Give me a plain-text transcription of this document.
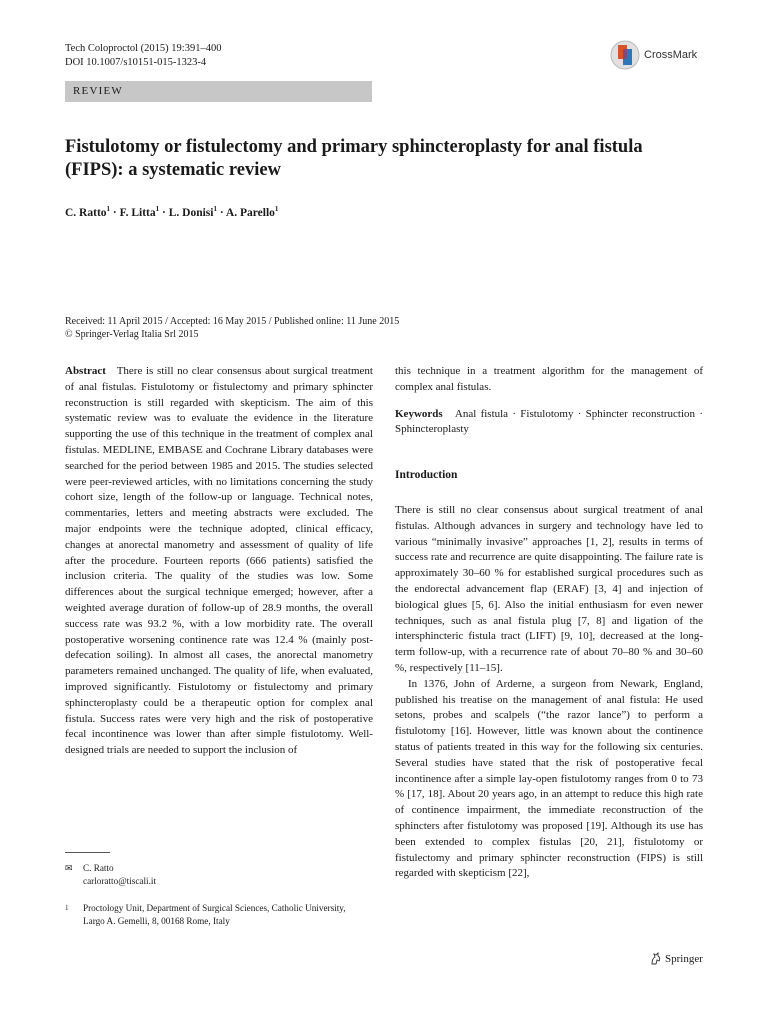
Tech Coloproctol (2015) 19:391–400
DOI 10.1007/s10151-015-1323-4
CrossMark
REVIEW
Fistulotomy or fistulectomy and primary sphincteroplasty for anal fistula (FIPS): a systematic review
C. Ratto$^1$ · F. Litta$^1$ · L. Donisi$^1$ · A. Parello$^1$
Received: 11 April 2015 / Accepted: 16 May 2015 / Published online: 11 June 2015
© Springer-Verlag Italia Srl 2015

Abstract There is still no clear consensus about surgical treatment of anal fistulas. Fistulotomy or fistulectomy and primary sphincter reconstruction is still regarded with skepticism. The aim of this systematic review was to evaluate the evidence in the literature supporting the use of this technique in the treatment of complex anal fistulas. MEDLINE, EMBASE and Cochrane Library databases were searched for the period between 1985 and 2015. The studies selected were peer-reviewed articles, with no limitations concerning the study cohort size, length of the follow-up or language. Technical notes, commentaries, letters and meeting abstracts were excluded. The major endpoints were the technique adopted, clinical efficacy, changes at anorectal manometry and assessment of quality of life after the procedure. Fourteen reports (666 patients) satisfied the inclusion criteria. The quality of the studies was low. Some differences about the surgical technique emerged; however, after a weighted average duration of follow-up of 28.9 months, the overall success rate was 93.2 %, with a low morbidity rate. The overall postoperative worsening continence rate was 12.4 % (mainly post-defecation soiling). In almost all cases, the anorectal manometry parameters remained unchanged. The quality of life, when evaluated, improved significantly. Fistulotomy or fistulectomy and primary sphincteroplasty could be a therapeutic option for complex anal fistula. Success rates were very high and the risk of postoperative fecal incontinence was lower than after simple fistulotomy. Well-designed trials are needed to support the inclusion of

this technique in a treatment algorithm for the management of complex anal fistulas.

Keywords Anal fistula · Fistulotomy · Sphincter reconstruction · Sphincteroplasty

Introduction

There is still no clear consensus about surgical treatment of anal fistulas. Although advances in surgery and technology have led to various “minimally invasive” approaches [1, 2], results in terms of success rate and recurrence are quite disappointing. The failure rate is approximately 30–60 % for established surgical procedures such as the endorectal advancement flap (ERAF) [3, 4] and injection of biological glues [5, 6]. Also the initial enthusiasm for even newer techniques, such as anal fistula plug [7, 8] and ligation of the intersphincteric fistula tract (LIFT) [9, 10], decreased at the long-term follow-up, with a recurrence rate of about 70–80 % and 30–60 %, respectively [11–15].

In 1376, John of Arderne, a surgeon from Newark, England, published his treatise on the management of anal fistula: He used setons, probes and scalpels (“the razor lance”) to perform a fistulotomy [16]. However, little was known about the continence status of patients treated in this way for the following six centuries. Several studies have stated that the risk of postoperative fecal incontinence after a simple lay-open fistulotomy ranges from 0 to 73 % [17, 18]. About 20 years ago, in an attempt to reduce this high rate of continence impairment, the immediate reconstruction of the sphincters after fistulotomy was proposed [19]. Although its use has been extended to complex fistulas [20, 21], fistulotomy or fistulectomy and primary sphincter reconstruction (FIPS) is still regarded with skepticism [22],

✉ C. Ratto
carloratto@tiscali.it
1	Proctology Unit, Department of Surgical Sciences, Catholic University, Largo A. Gemelli, 8, 00168 Rome, Italy
Springer
